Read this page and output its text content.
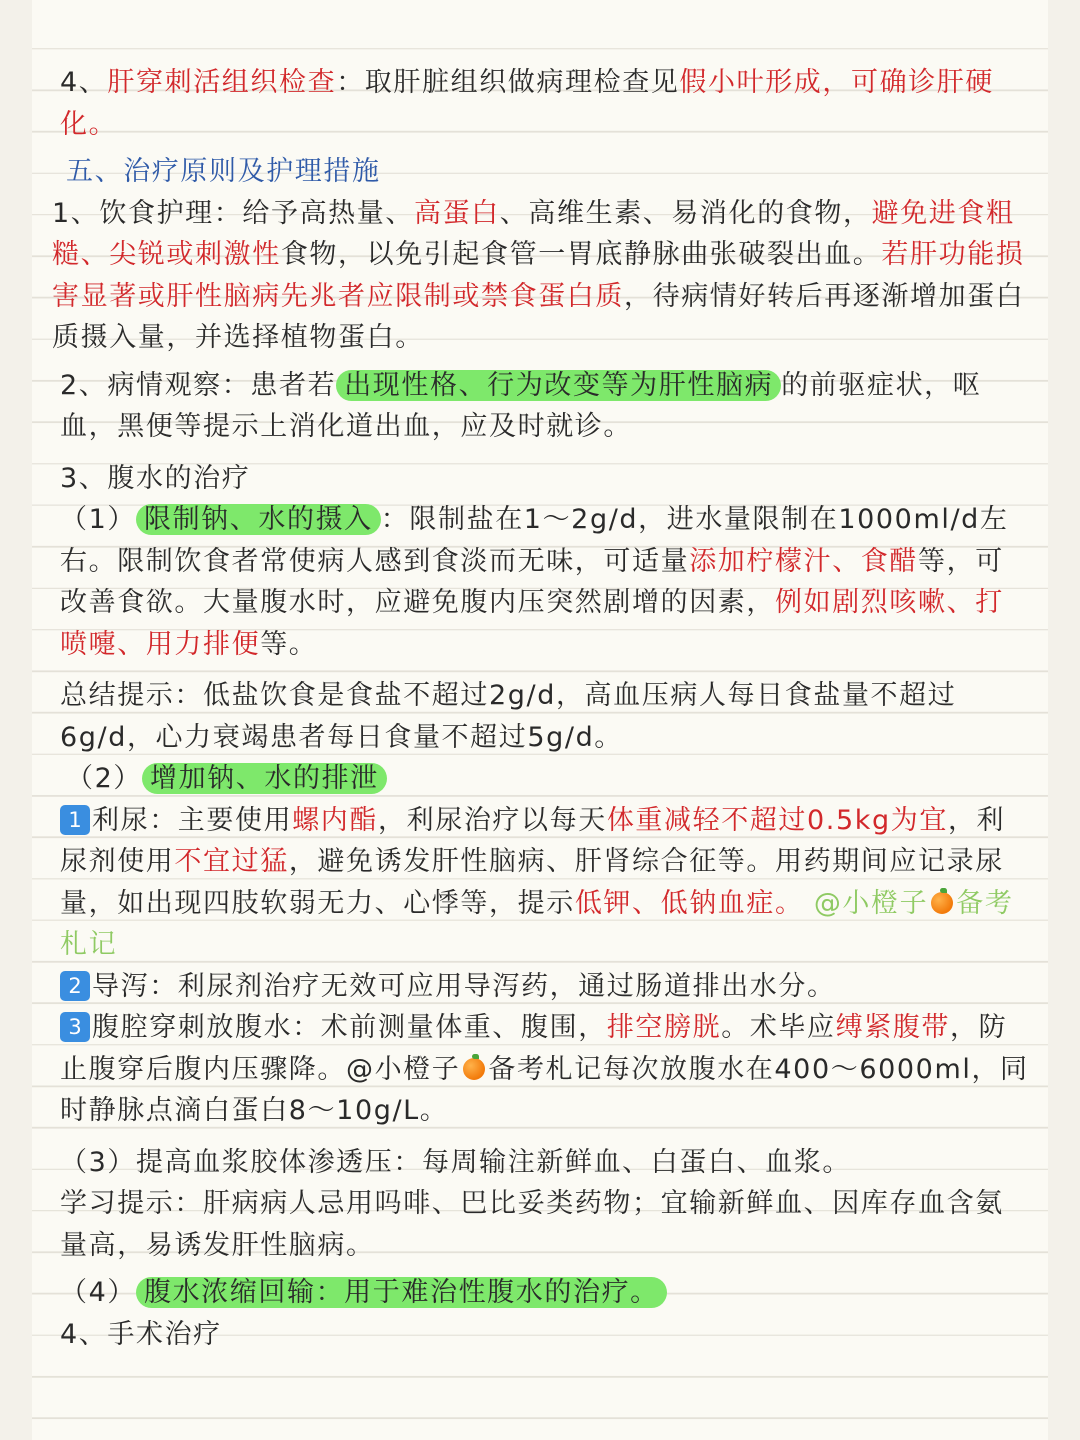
4、肝穿刺活组织检查：取肝脏组织做病理检查见假小叶形成，可确诊肝硬化。

五、治疗原则及护理措施

1、饮食护理：给予高热量、高蛋白、高维生素、易消化的食物，避免进食粗糙、尖锐或刺激性食物，以免引起食管一胃底静脉曲张破裂出血。若肝功能损害显著或肝性脑病先兆者应限制或禁食蛋白质，待病情好转后再逐渐增加蛋白质摄入量，并选择植物蛋白。

2、病情观察：患者若 出现性格、行为改变等为肝性脑病 的前驱症状，呕血，黑便等提示上消化道出血，应及时就诊。

3、腹水的治疗

（1） 限制钠、水的摄入 ：限制盐在1～2g/d，进水量限制在1000ml/d左右。限制饮食者常使病人感到食淡而无味，可适量添加柠檬汁、食醋等，可改善食欲。大量腹水时，应避免腹内压突然剧增的因素，例如剧烈咳嗽、打喷嚏、用力排便等。

总结提示：低盐饮食是食盐不超过2g/d，高血压病人每日食盐量不超过6g/d，心力衰竭患者每日食量不超过5g/d。

（2） 增加钠、水的排泄

1 利尿：主要使用螺内酯，利尿治疗以每天体重减轻不超过0.5kg为宜，利尿剂使用不宜过猛，避免诱发肝性脑病、肝肾综合征等。用药期间应记录尿量，如出现四肢软弱无力、心悸等，提示低钾、低钠血症。 @小橙子 备考札记

2 导泻：利尿剂治疗无效可应用导泻药，通过肠道排出水分。

3 腹腔穿刺放腹水：术前测量体重、腹围，排空膀胱。术毕应缚紧腹带，防止腹穿后腹内压骤降。@小橙子 备考札记每次放腹水在400～6000ml，同时静脉点滴白蛋白8～10g/L。

（3）提高血浆胶体渗透压：每周输注新鲜血、白蛋白、血浆。

学习提示：肝病病人忌用吗啡、巴比妥类药物；宜输新鲜血、因库存血含氨量高，易诱发肝性脑病。

（4） 腹水浓缩回输：用于难治性腹水的治疗。

4、手术治疗
